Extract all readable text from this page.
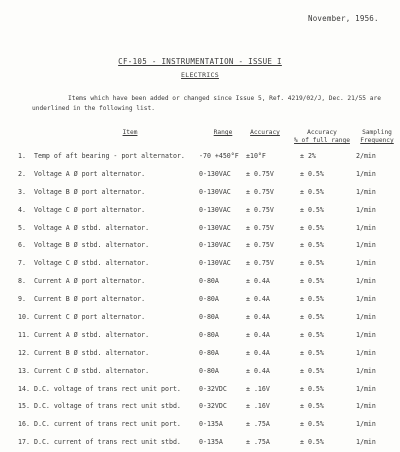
November, 1956.
CF-105 - INSTRUMENTATION - ISSUE I
ELECTRICS
Items which have been added or changed since Issue 5, Ref. 4219/02/J, Dec. 21/55 are underlined in the following list.
Item	Range	Accuracy	Accuracy
% of full range
Sampling
Frequency
1.	Temp of aft bearing - port alternator. -70 +450°F ±10°F	± 2%	2/min
2.	Voltage A Ø port alternator.	0-130VAC ± 0.75V	± 0.5%	1/min
3.	Voltage B Ø port alternator.	0-130VAC ± 0.75V	± 0.5%	1/min
4.	Voltage C Ø port alternator.	0-130VAC ± 0.75V	± 0.5%	1/min
5.	Voltage A Ø stbd. alternator.	0-130VAC ± 0.75V	± 0.5%	1/min
6.	Voltage B Ø stbd. alternator.	0-130VAC ± 0.75V	± 0.5%	1/min
7.	Voltage C Ø stbd. alternator.	0-130VAC ± 0.75V	± 0.5%	1/min
8.	Current A Ø port alternator.	0-80A	± 0.4A	± 0.5%	1/min
9.	Current B Ø port alternator.	0-80A	± 0.4A	± 0.5%	1/min
10. Current C Ø port alternator.	0-80A	± 0.4A	± 0.5%	1/min
11. Current A Ø stbd. alternator.	0-80A	± 0.4A	± 0.5%	1/min
12. Current B Ø stbd. alternator.	0-80A	± 0.4A	± 0.5%	1/min
13. Current C Ø stbd. alternator.	0-80A	± 0.4A	± 0.5%	1/min
14. D.C. voltage of trans rect unit port.	0-32VDC	± .16V	± 0.5%	1/min
15. D.C. voltage of trans rect unit stbd.	0-32VDC	± .16V	± 0.5%	1/min
16. D.C. current of trans rect unit port.	0-135A	± .75A	± 0.5%	1/min
17. D.C. current of trans rect unit stbd.	0-135A	± .75A	± 0.5%	1/min
